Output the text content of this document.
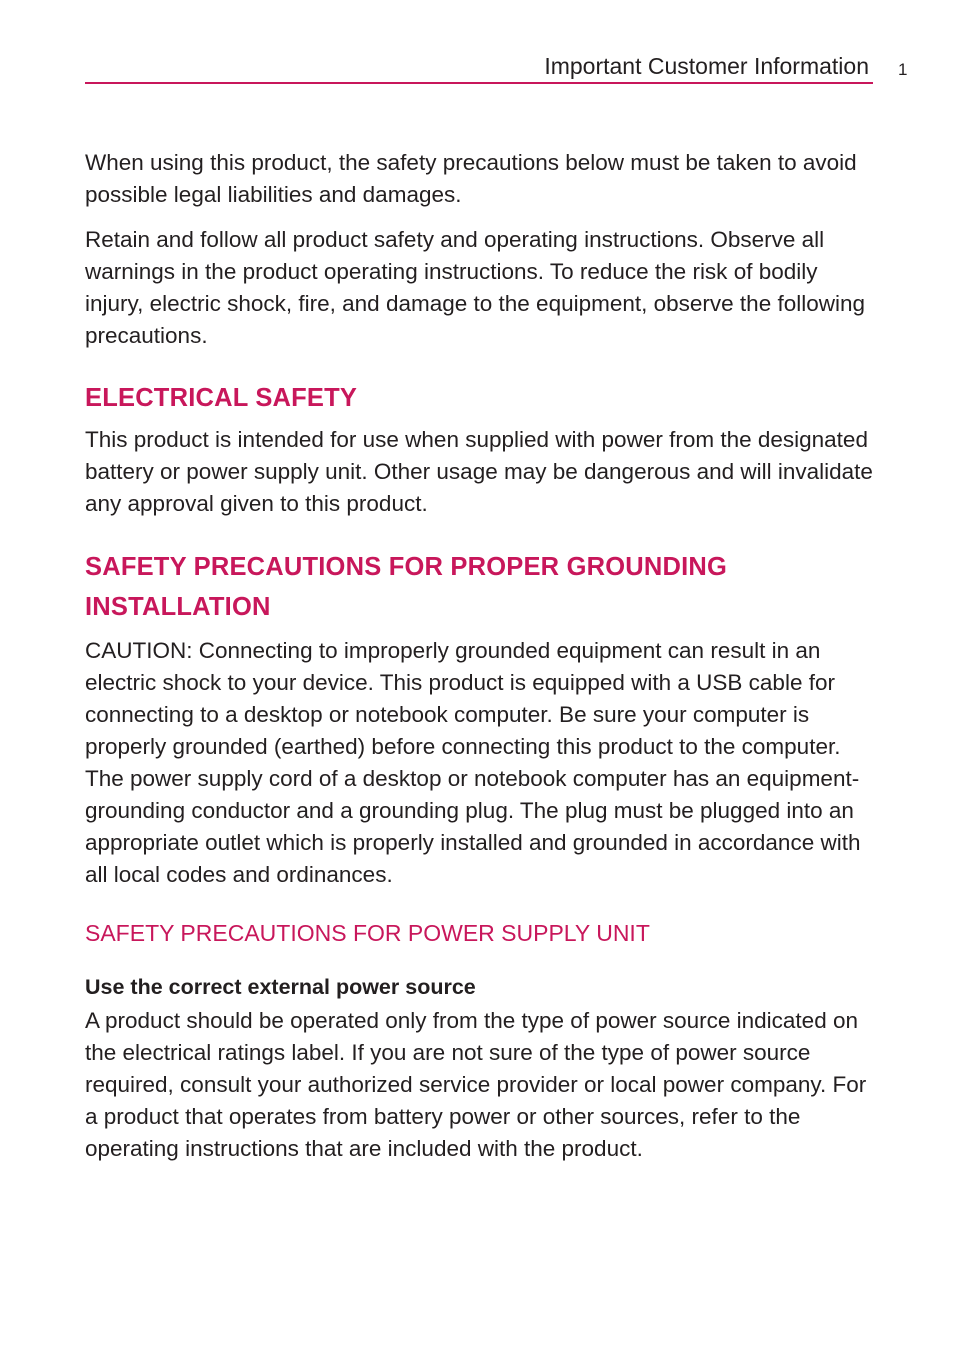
Important Customer Information 1

When using this product, the safety precautions below must be taken to avoid possible legal liabilities and damages.

Retain and follow all product safety and operating instructions. Observe all warnings in the product operating instructions. To reduce the risk of bodily injury, electric shock, fire, and damage to the equipment, observe the following precautions.

ELECTRICAL SAFETY

This product is intended for use when supplied with power from the designated battery or power supply unit. Other usage may be dangerous and will invalidate any approval given to this product.

SAFETY PRECAUTIONS FOR PROPER GROUNDING INSTALLATION

CAUTION: Connecting to improperly grounded equipment can result in an electric shock to your device. This product is equipped with a USB cable for connecting to a desktop or notebook computer. Be sure your computer is properly grounded (earthed) before connecting this product to the computer. The power supply cord of a desktop or notebook computer has an equipment-grounding conductor and a grounding plug. The plug must be plugged into an appropriate outlet which is properly installed and grounded in accordance with all local codes and ordinances.

SAFETY PRECAUTIONS FOR POWER SUPPLY UNIT
Use the correct external power source

A product should be operated only from the type of power source indicated on the electrical ratings label. If you are not sure of the type of power source required, consult your authorized service provider or local power company. For a product that operates from battery power or other sources, refer to the operating instructions that are included with the product.
